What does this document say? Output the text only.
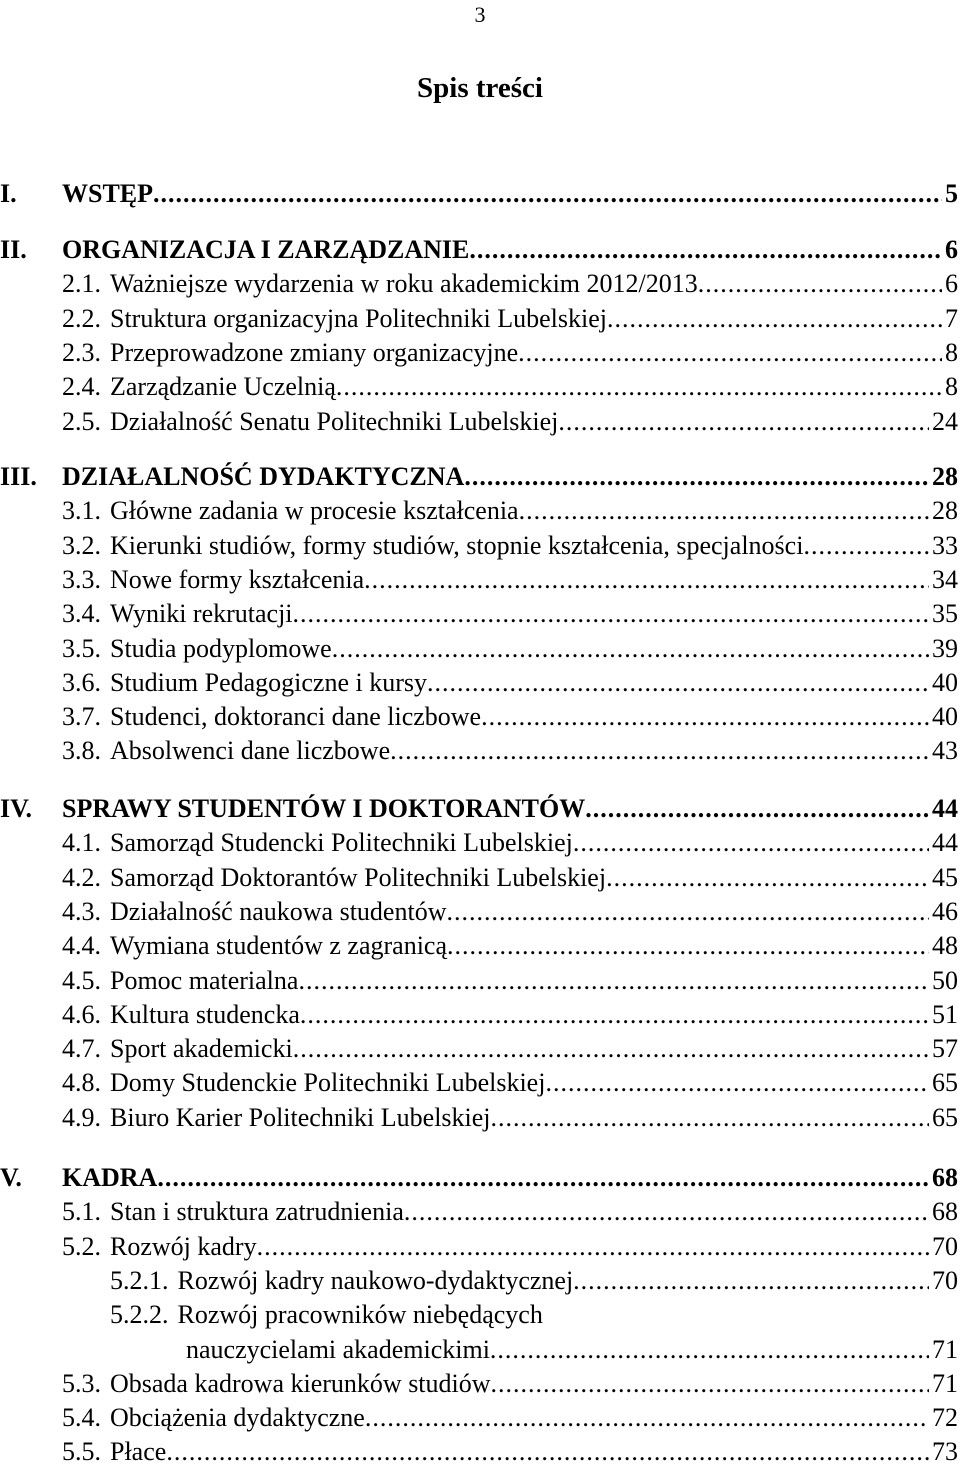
3
Spis treści
I. WSTĘP .....	5
II. ORGANIZACJA I ZARZĄDZANIE .....	6
2.1. Ważniejsze wydarzenia w roku akademickim 2012/2013 .....	6
2.2. Struktura organizacyjna Politechniki Lubelskiej .....	7
2.3. Przeprowadzone zmiany organizacyjne .....	8
2.4. Zarządzanie Uczelnią .....	8
2.5. Działalność Senatu Politechniki Lubelskiej .....	24
III. DZIAŁALNOŚĆ DYDAKTYCZNA .....	28
3.1. Główne zadania w procesie kształcenia .....	28
3.2. Kierunki studiów, formy studiów, stopnie kształcenia, specjalności .....	33
3.3. Nowe formy kształcenia .....	34
3.4. Wyniki rekrutacji .....	35
3.5. Studia podyplomowe .....	39
3.6. Studium Pedagogiczne i kursy .....	40
3.7. Studenci, doktoranci dane liczbowe .....	40
3.8. Absolwenci dane liczbowe .....	43
IV. SPRAWY STUDENTÓW I DOKTORANTÓW .....	44
4.1. Samorząd Studencki Politechniki Lubelskiej .....	44
4.2. Samorząd Doktorantów Politechniki Lubelskiej .....	45
4.3. Działalność naukowa studentów .....	46
4.4. Wymiana studentów z zagranicą .....	48
4.5. Pomoc materialna .....	50
4.6. Kultura studencka .....	51
4.7. Sport akademicki .....	57
4.8. Domy Studenckie Politechniki Lubelskiej .....	65
4.9. Biuro Karier Politechniki Lubelskiej .....	65
V. KADRA .....	68
5.1. Stan i struktura zatrudnienia .....	68
5.2. Rozwój kadry .....	70
5.2.1. Rozwój kadry naukowo-dydaktycznej .....	70
5.2.2. Rozwój pracowników niebędących
nauczycielami akademickimi .....	71
5.3. Obsada kadrowa kierunków studiów .....	71
5.4. Obciążenia dydaktyczne .....	72
5.5. Płace .....	73
